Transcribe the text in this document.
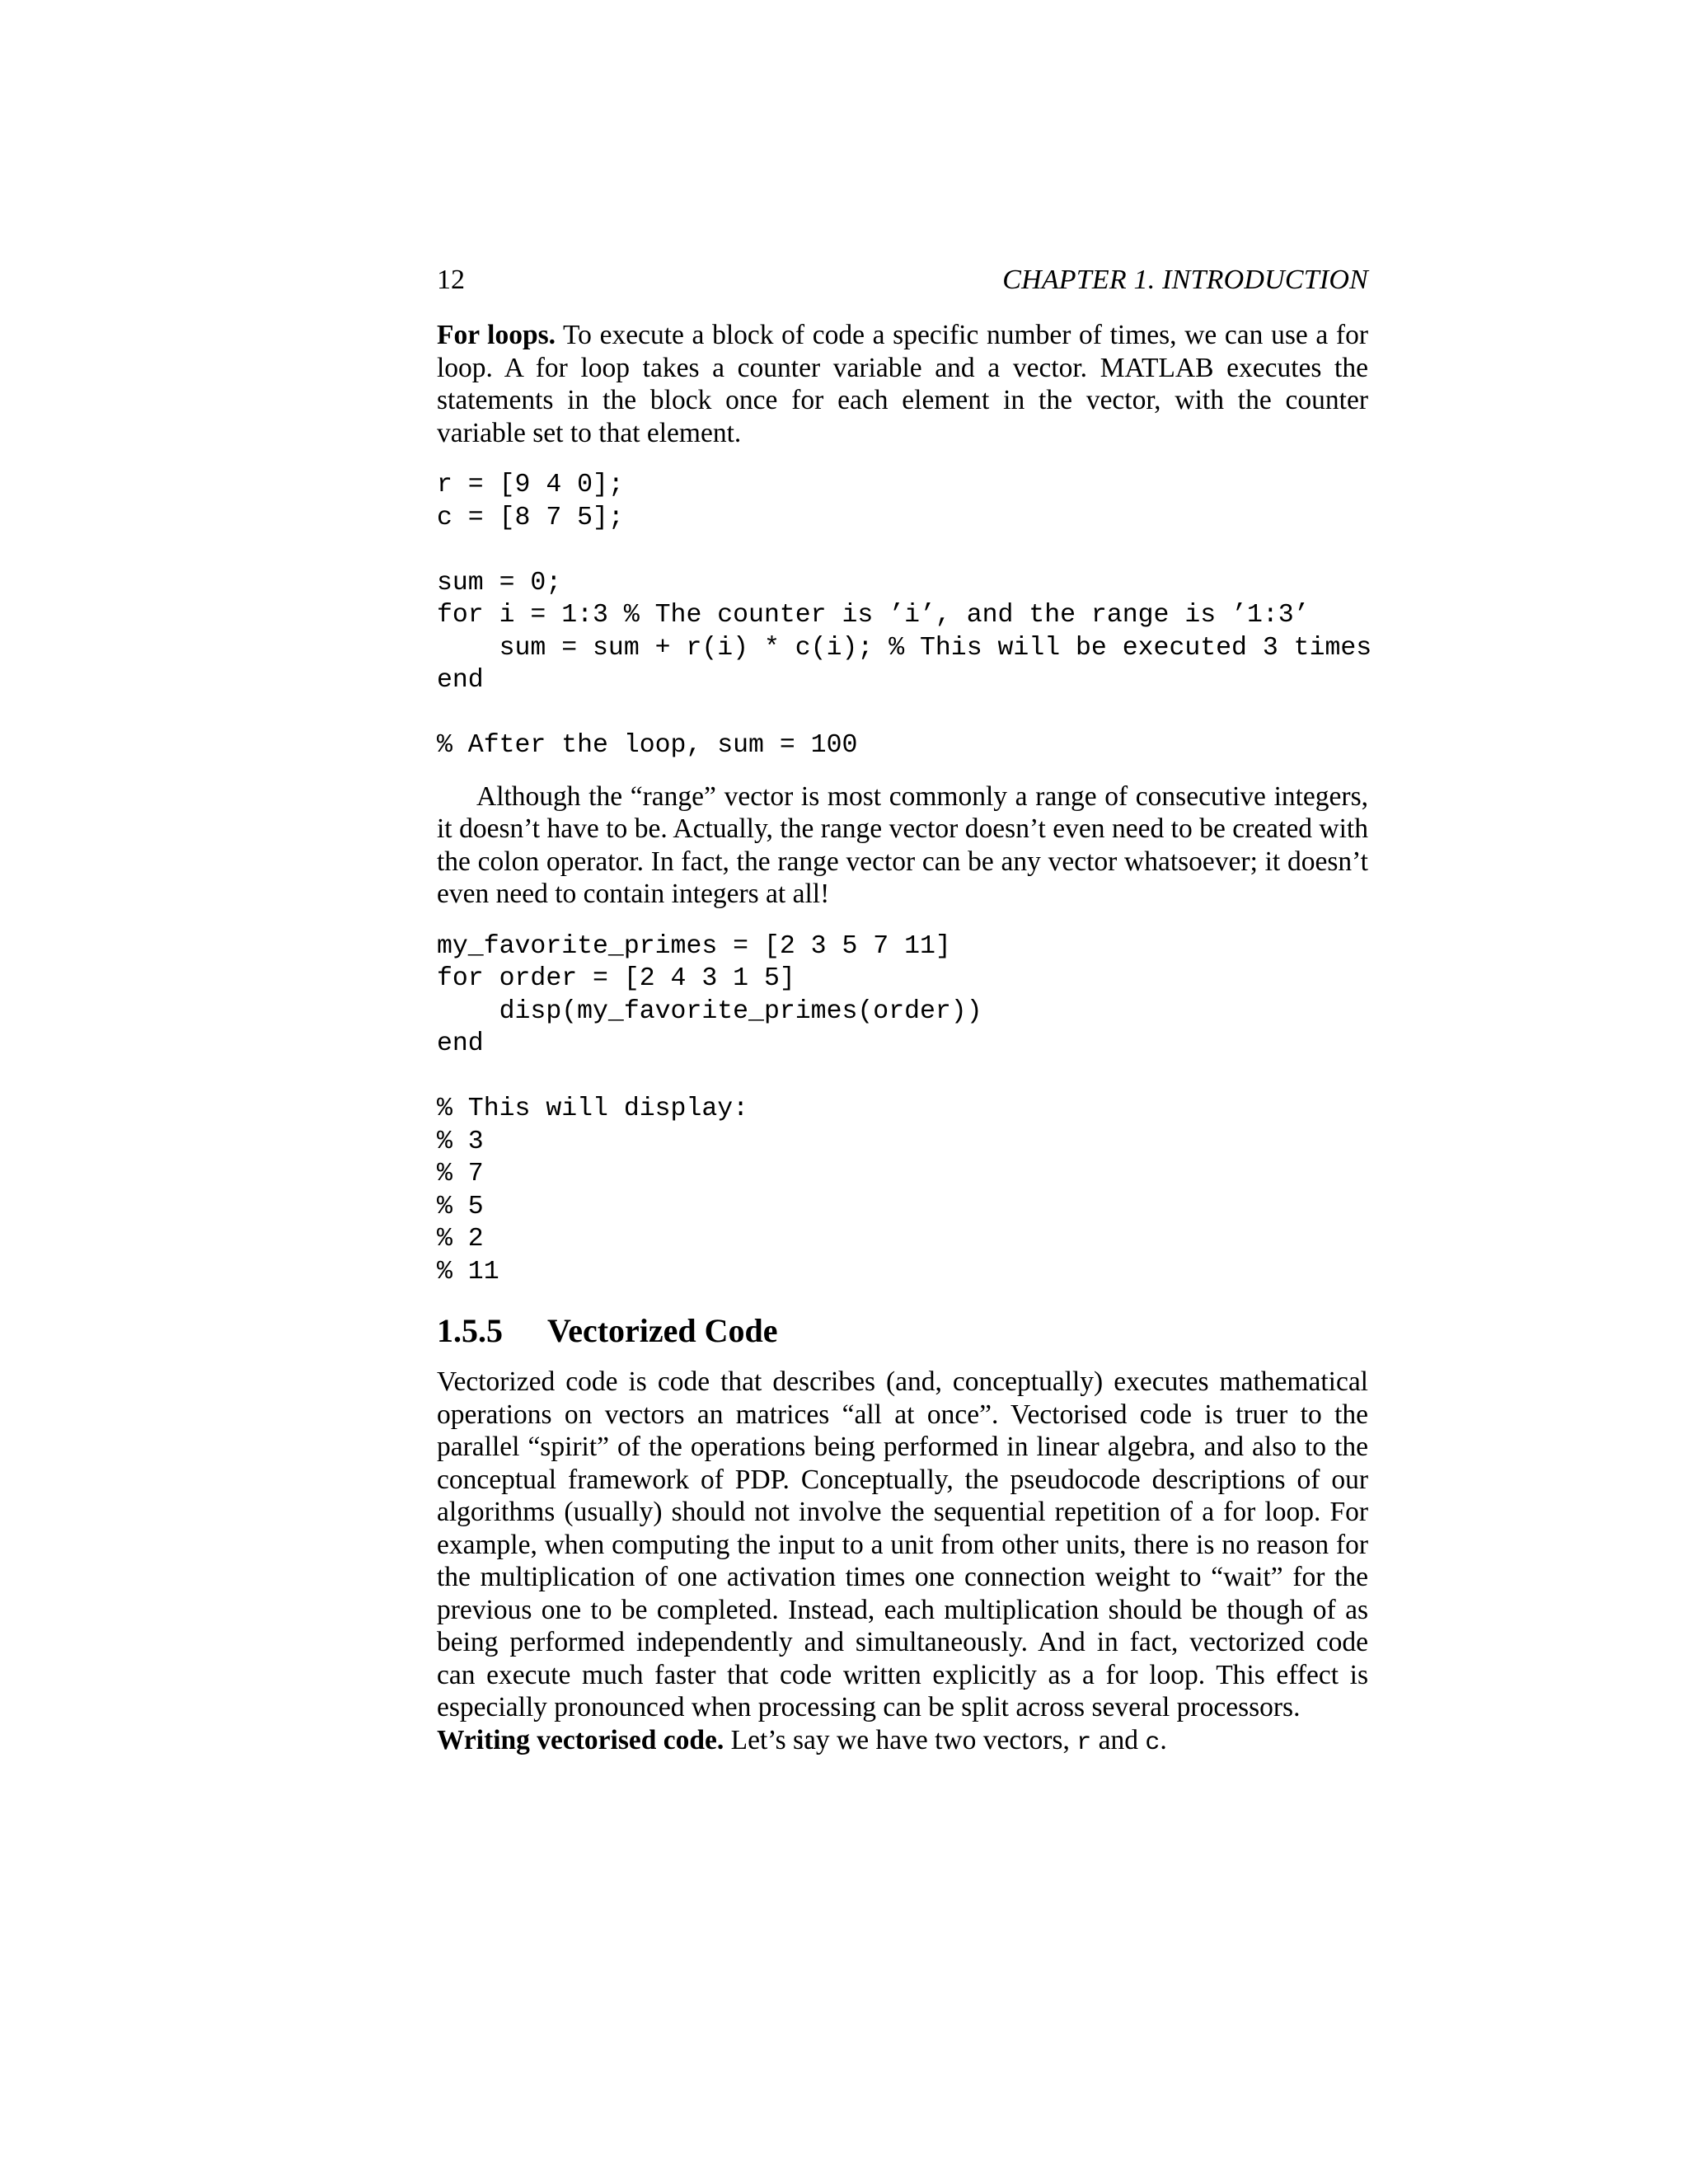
12	CHAPTER 1. INTRODUCTION

For loops. To execute a block of code a specific number of times, we can use a for loop. A for loop takes a counter variable and a vector. MATLAB executes the statements in the block once for each element in the vector, with the counter variable set to that element.

r = [9 4 0];
c = [8 7 5];
sum = 0;
for i = 1:3 % The counter is ’i’, and the range is ’1:3’
sum = sum + r(i) * c(i); % This will be executed 3 times
end
% After the loop, sum = 100

Although the “range” vector is most commonly a range of consecutive integers, it doesn’t have to be. Actually, the range vector doesn’t even need to be created with the colon operator. In fact, the range vector can be any vector whatsoever; it doesn’t even need to contain integers at all!

my_favorite_primes = [2 3 5 7 11]
for order = [2 4 3 1 5]
disp(my_favorite_primes(order))
end
% This will display:
% 3
% 7
% 5
% 2
% 11
1.5.5 Vectorized Code

Vectorized code is code that describes (and, conceptually) executes mathematical operations on vectors an matrices “all at once”. Vectorised code is truer to the parallel “spirit” of the operations being performed in linear algebra, and also to the conceptual framework of PDP. Conceptually, the pseudocode descriptions of our algorithms (usually) should not involve the sequential repetition of a for loop. For example, when computing the input to a unit from other units, there is no reason for the multiplication of one activation times one connection weight to “wait” for the previous one to be completed. Instead, each multiplication should be though of as being performed independently and simultaneously. And in fact, vectorized code can execute much faster that code written explicitly as a for loop. This effect is especially pronounced when processing can be split across several processors.

Writing vectorised code. Let’s say we have two vectors, r and c.
